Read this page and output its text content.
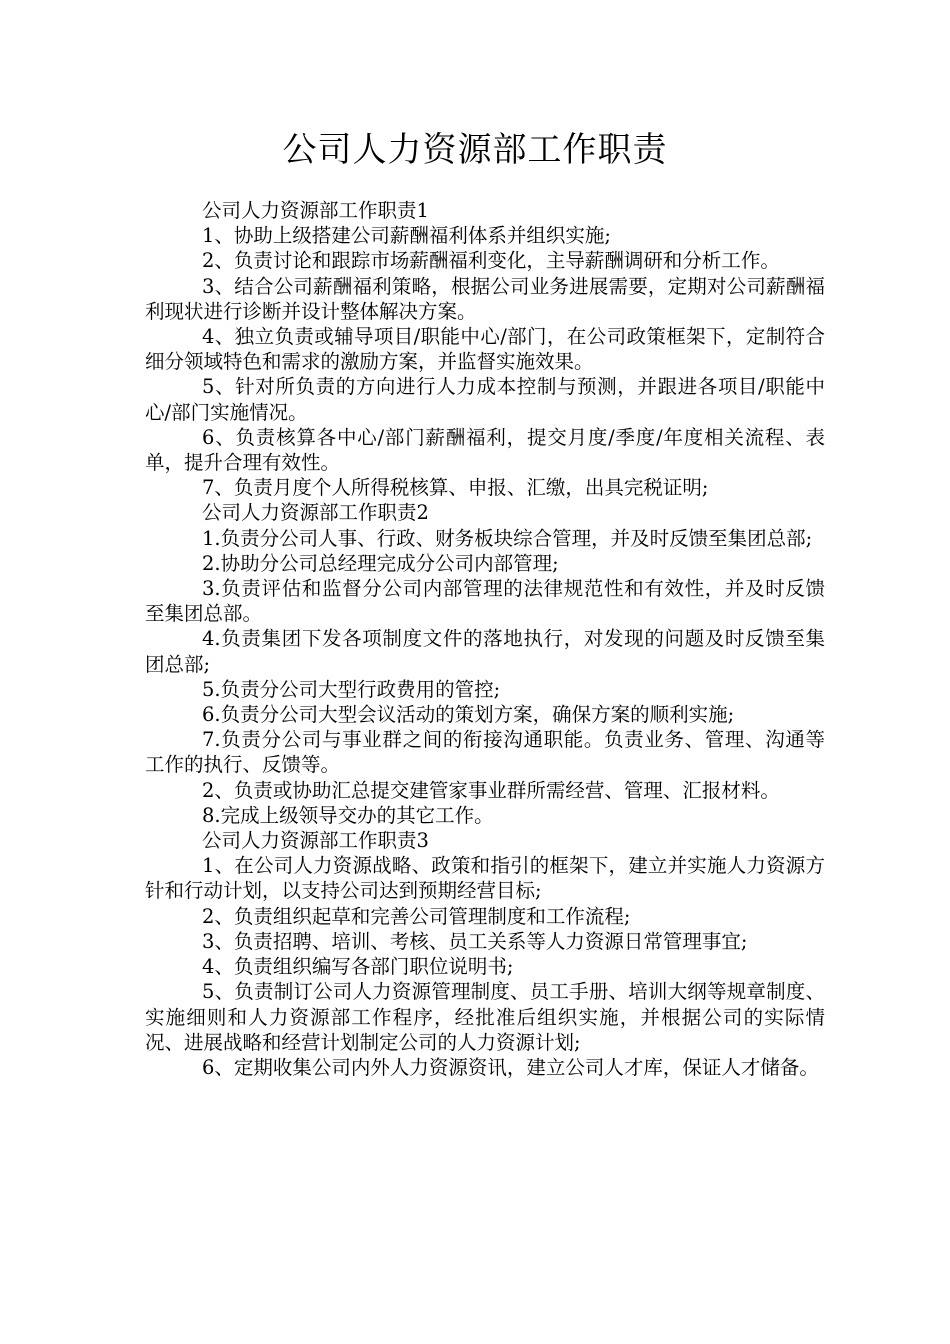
公司人力资源部工作职责

公司人力资源部工作职责1

1、协助上级搭建公司薪酬福利体系并组织实施;

2、负责讨论和跟踪市场薪酬福利变化，主导薪酬调研和分析工作。

3、结合公司薪酬福利策略，根据公司业务进展需要，定期对公司薪酬福利现状进行诊断并设计整体解决方案。

4、独立负责或辅导项目/职能中心/部门，在公司政策框架下，定制符合细分领域特色和需求的激励方案，并监督实施效果。

5、针对所负责的方向进行人力成本控制与预测，并跟进各项目/职能中心/部门实施情况。

6、负责核算各中心/部门薪酬福利，提交月度/季度/年度相关流程、表单，提升合理有效性。

7、负责月度个人所得税核算、申报、汇缴，出具完税证明;

公司人力资源部工作职责2

1.负责分公司人事、行政、财务板块综合管理，并及时反馈至集团总部;

2.协助分公司总经理完成分公司内部管理;

3.负责评估和监督分公司内部管理的法律规范性和有效性，并及时反馈至集团总部。

4.负责集团下发各项制度文件的落地执行，对发现的问题及时反馈至集团总部;

5.负责分公司大型行政费用的管控;

6.负责分公司大型会议活动的策划方案，确保方案的顺利实施;

7.负责分公司与事业群之间的衔接沟通职能。负责业务、管理、沟通等工作的执行、反馈等。

2、负责或协助汇总提交建管家事业群所需经营、管理、汇报材料。

8.完成上级领导交办的其它工作。

公司人力资源部工作职责3

1、在公司人力资源战略、政策和指引的框架下，建立并实施人力资源方针和行动计划，以支持公司达到预期经营目标;

2、负责组织起草和完善公司管理制度和工作流程;

3、负责招聘、培训、考核、员工关系等人力资源日常管理事宜;

4、负责组织编写各部门职位说明书;

5、负责制订公司人力资源管理制度、员工手册、培训大纲等规章制度、实施细则和人力资源部工作程序，经批准后组织实施，并根据公司的实际情况、进展战略和经营计划制定公司的人力资源计划;

6、定期收集公司内外人力资源资讯，建立公司人才库，保证人才储备。
